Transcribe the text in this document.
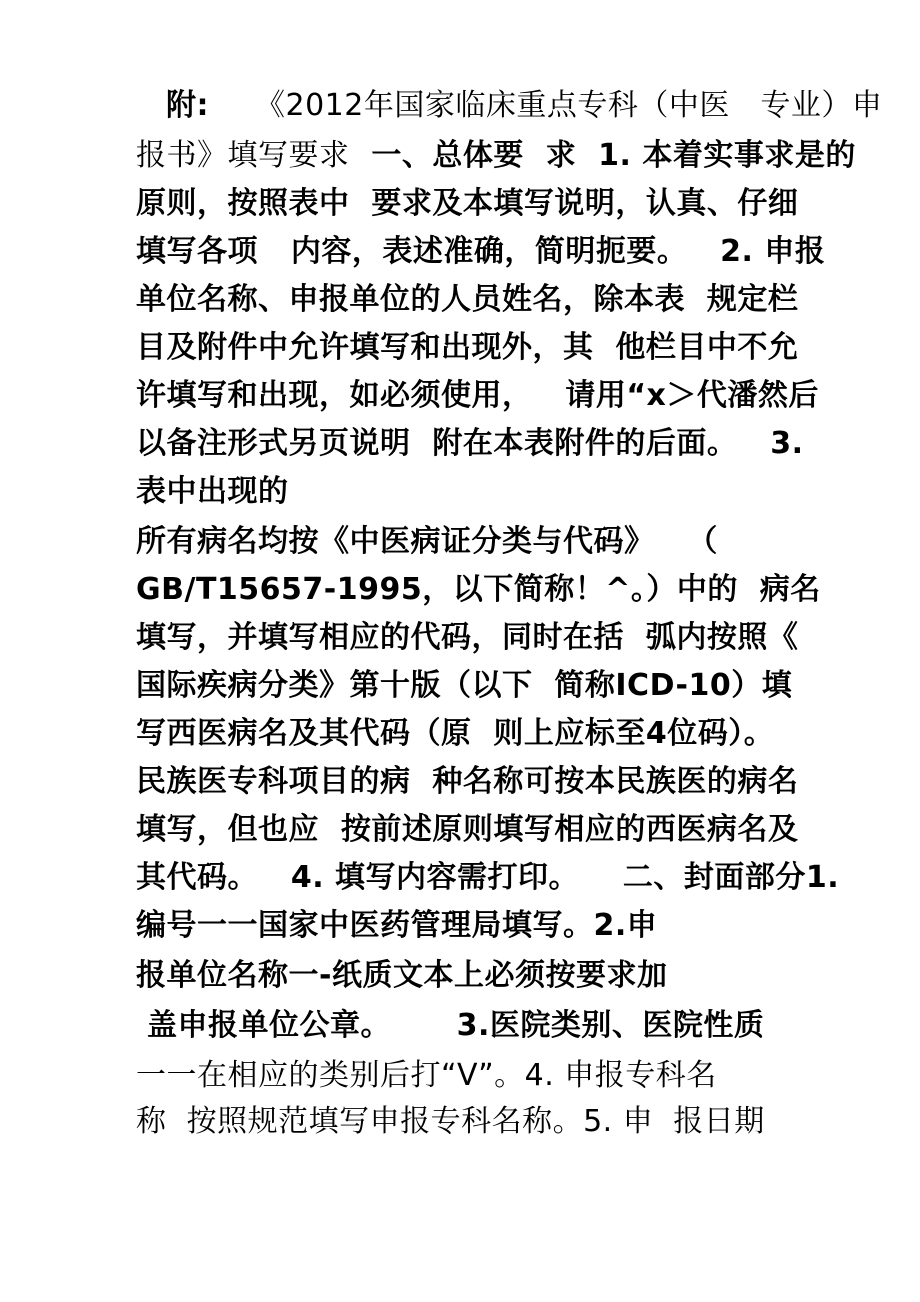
附: 《2012年国家临床重点专科（中医　专业）申
报书》填写要求  一、总体要  求  1. 本着实事求是的
原则，按照表中  要求及本填写说明，认真、仔细
填写各项   内容，表述准确，简明扼要。   2. 申报
单位名称、申报单位的人员姓名，除本表  规定栏
目及附件中允许填写和出现外，其  他栏目中不允
许填写和出现，如必须使用，   请用“x＞代潘然后
以备注形式另页说明  附在本表附件的后面。   3.
表中出现的
所有病名均按《中医病证分类与代码》   （
GB/T15657-1995，以下简称！^。）中的  病名
填写，并填写相应的代码，同时在括  弧内按照《
国际疾病分类》第十版（以下  简称ICD-10）填
写西医病名及其代码（原  则上应标至4位码）。
民族医专科项目的病  种名称可按本民族医的病名
填写，但也应  按前述原则填写相应的西医病名及
其代码。   4. 填写内容需打印。    二、封面部分1.
编号一一国家中医药管理局填写。2.申
报单位名称一-纸质文本上必须按要求加
盖申报单位公章。      3.医院类别、医院性质
一一在相应的类别后打“V”。4. 申报专科名
称  按照规范填写申报专科名称。5. 申  报日期
